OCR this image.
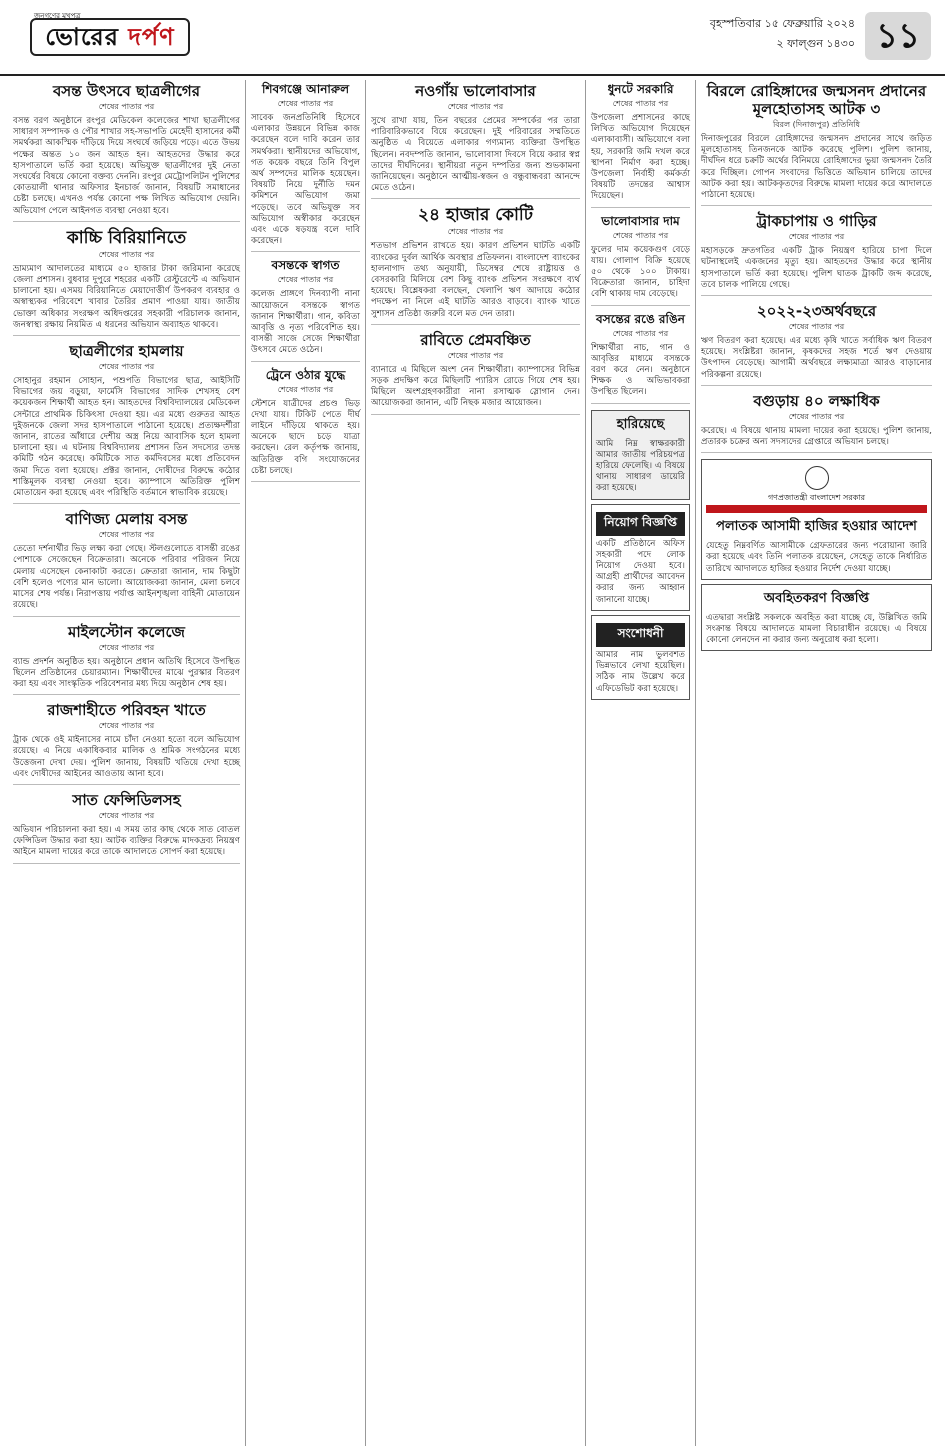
জনগণের মুখপত্র
ভোরের দর্পণ	বৃহস্পতিবার ১৫ ফেব্রুয়ারি ২০২৪
২ ফাল্গুন ১৪৩০ ১১
বসন্ত উৎসবে ছাত্রলীগের
শেষের পাতার পর
বসন্ত বরণ অনুষ্ঠানে রংপুর মেডিকেল কলেজের শাখা ছাত্রলীগের সাধারণ সম্পাদক ও পৌর শাখার সহ-সভাপতি মেহেদী হাসানের কর্মী সমর্থকরা আকস্মিক দাঁড়িয়ে দিয়ে সংঘর্ষে জড়িয়ে পড়ে। এতে উভয় পক্ষের অন্তত ১০ জন আহত হন। আহতদের উদ্ধার করে হাসপাতালে ভর্তি করা হয়েছে। অভিযুক্ত ছাত্রলীগের দুই নেতা সংঘর্ষের বিষয়ে কোনো বক্তব্য দেননি। রংপুর মেট্রোপলিটন পুলিশের কোতয়ালী থানার অফিসার ইনচার্জ জানান, বিষয়টি সমাধানের চেষ্টা চলছে। এখনও পর্যন্ত কোনো পক্ষ লিখিত অভিযোগ দেয়নি। অভিযোগ পেলে আইনগত ব্যবস্থা নেওয়া হবে।
কাচ্চি বিরিয়ানিতে
শেষের পাতার পর
ভ্রাম্যমাণ আদালতের মাধ্যমে ৫০ হাজার টাকা জরিমানা করেছে জেলা প্রশাসন। বুধবার দুপুরে শহরের একটি রেস্টুরেন্টে এ অভিযান চালানো হয়। এসময় বিরিয়ানিতে মেয়াদোত্তীর্ণ উপকরণ ব্যবহার ও অস্বাস্থ্যকর পরিবেশে খাবার তৈরির প্রমাণ পাওয়া যায়। জাতীয় ভোক্তা অধিকার সংরক্ষণ অধিদপ্তরের সহকারী পরিচালক জানান, জনস্বাস্থ্য রক্ষায় নিয়মিত এ ধরনের অভিযান অব্যাহত থাকবে।
ছাত্রলীগের হামলায়
শেষের পাতার পর
সোহানুর রহমান সোহান, পশুপতি বিভাগের ছাত্র, আইসিটি বিভাগের জয় বড়ুয়া, ফার্মেসি বিভাগের সাদিক শেখসহ বেশ কয়েকজন শিক্ষার্থী আহত হন। আহতদের বিশ্ববিদ্যালয়ের মেডিকেল সেন্টারে প্রাথমিক চিকিৎসা দেওয়া হয়। এর মধ্যে গুরুতর আহত দুইজনকে জেলা সদর হাসপাতালে পাঠানো হয়েছে। প্রত্যক্ষদর্শীরা জানান, রাতের আঁধারে দেশীয় অস্ত্র নিয়ে আবাসিক হলে হামলা চালানো হয়। এ ঘটনায় বিশ্ববিদ্যালয় প্রশাসন তিন সদস্যের তদন্ত কমিটি গঠন করেছে। কমিটিকে সাত কর্মদিবসের মধ্যে প্রতিবেদন জমা দিতে বলা হয়েছে। প্রক্টর জানান, দোষীদের বিরুদ্ধে কঠোর শাস্তিমূলক ব্যবস্থা নেওয়া হবে। ক্যাম্পাসে অতিরিক্ত পুলিশ মোতায়েন করা হয়েছে এবং পরিস্থিতি বর্তমানে স্বাভাবিক রয়েছে।
বাণিজ্য মেলায় বসন্ত
শেষের পাতার পর
তেতো দর্শনার্থীর ভিড় লক্ষ্য করা গেছে। স্টলগুলোতে বাসন্তী রঙের পোশাকে সেজেছেন বিক্রেতারা। অনেকে পরিবার পরিজন নিয়ে মেলায় এসেছেন কেনাকাটা করতে। ক্রেতারা জানান, দাম কিছুটা বেশি হলেও পণ্যের মান ভালো। আয়োজকরা জানান, মেলা চলবে মাসের শেষ পর্যন্ত। নিরাপত্তায় পর্যাপ্ত আইনশৃঙ্খলা বাহিনী মোতায়েন রয়েছে।
মাইলস্টোন কলেজে
শেষের পাতার পর
ব্যান্ড প্রদর্শন অনুষ্ঠিত হয়। অনুষ্ঠানে প্রধান অতিথি হিসেবে উপস্থিত ছিলেন প্রতিষ্ঠানের চেয়ারম্যান। শিক্ষার্থীদের মাঝে পুরস্কার বিতরণ করা হয় এবং সাংস্কৃতিক পরিবেশনার মধ্য দিয়ে অনুষ্ঠান শেষ হয়।
রাজশাহীতে পরিবহন খাতে
শেষের পাতার পর
ট্রাক থেকে ওই মাইনাসের নামে চাঁদা নেওয়া হতো বলে অভিযোগ রয়েছে। এ নিয়ে একাধিকবার মালিক ও শ্রমিক সংগঠনের মধ্যে উত্তেজনা দেখা দেয়। পুলিশ জানায়, বিষয়টি খতিয়ে দেখা হচ্ছে এবং দোষীদের আইনের আওতায় আনা হবে।
সাত ফেন্সিডিলসহ
শেষের পাতার পর
অভিযান পরিচালনা করা হয়। এ সময় তার কাছ থেকে সাত বোতল ফেন্সিডিল উদ্ধার করা হয়। আটক ব্যক্তির বিরুদ্ধে মাদকদ্রব্য নিয়ন্ত্রণ আইনে মামলা দায়ের করে তাকে আদালতে সোপর্দ করা হয়েছে।
শিবগঞ্জে আনারুল
শেষের পাতার পর
সাবেক জনপ্রতিনিধি হিসেবে এলাকার উন্নয়নে বিভিন্ন কাজ করেছেন বলে দাবি করেন তার সমর্থকরা। স্থানীয়দের অভিযোগ, গত কয়েক বছরে তিনি বিপুল অর্থ সম্পদের মালিক হয়েছেন। বিষয়টি নিয়ে দুর্নীতি দমন কমিশনে অভিযোগ জমা পড়েছে। তবে অভিযুক্ত সব অভিযোগ অস্বীকার করেছেন এবং একে ষড়যন্ত্র বলে দাবি করেছেন।
বসন্তকে স্বাগত
শেষের পাতার পর
কলেজ প্রাঙ্গণে দিনব্যাপী নানা আয়োজনে বসন্তকে স্বাগত জানান শিক্ষার্থীরা। গান, কবিতা আবৃত্তি ও নৃত্য পরিবেশিত হয়। বাসন্তী সাজে সেজে শিক্ষার্থীরা উৎসবে মেতে ওঠেন।
ট্রেনে ওঠার যুদ্ধে
শেষের পাতার পর
স্টেশনে যাত্রীদের প্রচণ্ড ভিড় দেখা যায়। টিকিট পেতে দীর্ঘ লাইনে দাঁড়িয়ে থাকতে হয়। অনেকে ছাদে চড়ে যাত্রা করছেন। রেল কর্তৃপক্ষ জানায়, অতিরিক্ত বগি সংযোজনের চেষ্টা চলছে।
নওগাঁয় ভালোবাসার
শেষের পাতার পর
সুখে রাখা যায়, তিন বছরের প্রেমের সম্পর্কের পর তারা পারিবারিকভাবে বিয়ে করেছেন। দুই পরিবারের সম্মতিতে অনুষ্ঠিত এ বিয়েতে এলাকার গণ্যমান্য ব্যক্তিরা উপস্থিত ছিলেন। নবদম্পতি জানান, ভালোবাসা দিবসে বিয়ে করার স্বপ্ন তাদের দীর্ঘদিনের। স্থানীয়রা নতুন দম্পতির জন্য শুভকামনা জানিয়েছেন। অনুষ্ঠানে আত্মীয়-স্বজন ও বন্ধুবান্ধবরা আনন্দে মেতে ওঠেন।
২৪ হাজার কোটি
শেষের পাতার পর
শতভাগ প্রভিশন রাখতে হয়। কারণ প্রভিশন ঘাটতি একটি ব্যাংকের দুর্বল আর্থিক অবস্থার প্রতিফলন। বাংলাদেশ ব্যাংকের হালনাগাদ তথ্য অনুযায়ী, ডিসেম্বর শেষে রাষ্ট্রায়ত্ত ও বেসরকারি মিলিয়ে বেশ কিছু ব্যাংক প্রভিশন সংরক্ষণে ব্যর্থ হয়েছে। বিশ্লেষকরা বলছেন, খেলাপি ঋণ আদায়ে কঠোর পদক্ষেপ না নিলে এই ঘাটতি আরও বাড়বে। ব্যাংক খাতে সুশাসন প্রতিষ্ঠা জরুরি বলে মত দেন তারা।
রাবিতে প্রেমবঞ্চিত
শেষের পাতার পর
ব্যানারে এ মিছিলে অংশ নেন শিক্ষার্থীরা। ক্যাম্পাসের বিভিন্ন সড়ক প্রদক্ষিণ করে মিছিলটি প্যারিস রোডে গিয়ে শেষ হয়। মিছিলে অংশগ্রহণকারীরা নানা রসাত্মক স্লোগান দেন। আয়োজকরা জানান, এটি নিছক মজার আয়োজন।
ধুনটে সরকারি
শেষের পাতার পর
উপজেলা প্রশাসনের কাছে লিখিত অভিযোগ দিয়েছেন এলাকাবাসী। অভিযোগে বলা হয়, সরকারি জমি দখল করে স্থাপনা নির্মাণ করা হচ্ছে। উপজেলা নির্বাহী কর্মকর্তা বিষয়টি তদন্তের আশ্বাস দিয়েছেন।
ভালোবাসার দাম
শেষের পাতার পর
ফুলের দাম কয়েকগুণ বেড়ে যায়। গোলাপ বিক্রি হয়েছে ৫০ থেকে ১০০ টাকায়। বিক্রেতারা জানান, চাহিদা বেশি থাকায় দাম বেড়েছে।
বসন্তের রঙে রঙিন
শেষের পাতার পর
শিক্ষার্থীরা নাচ, গান ও আবৃত্তির মাধ্যমে বসন্তকে বরণ করে নেন। অনুষ্ঠানে শিক্ষক ও অভিভাবকরা উপস্থিত ছিলেন।
হারিয়েছে
আমি নিম্ন স্বাক্ষরকারী আমার জাতীয় পরিচয়পত্র হারিয়ে ফেলেছি। এ বিষয়ে থানায় সাধারণ ডায়েরি করা হয়েছে।
নিয়োগ বিজ্ঞপ্তি
একটি প্রতিষ্ঠানে অফিস সহকারী পদে লোক নিয়োগ দেওয়া হবে। আগ্রহী প্রার্থীদের আবেদন করার জন্য আহ্বান জানানো যাচ্ছে।
সংশোধনী
আমার নাম ভুলবশত ভিন্নভাবে লেখা হয়েছিল। সঠিক নাম উল্লেখ করে এফিডেভিট করা হয়েছে।
বিরলে রোহিঙ্গাদের জন্মসনদ প্রদানের মূলহোতাসহ আটক ৩
বিরল (দিনাজপুর) প্রতিনিধি
দিনাজপুরের বিরলে রোহিঙ্গাদের জন্মসনদ প্রদানের সাথে জড়িত মূলহোতাসহ তিনজনকে আটক করেছে পুলিশ। পুলিশ জানায়, দীর্ঘদিন ধরে চক্রটি অর্থের বিনিময়ে রোহিঙ্গাদের ভুয়া জন্মসনদ তৈরি করে দিচ্ছিল। গোপন সংবাদের ভিত্তিতে অভিযান চালিয়ে তাদের আটক করা হয়। আটককৃতদের বিরুদ্ধে মামলা দায়ের করে আদালতে পাঠানো হয়েছে।
ট্রাকচাপায় ও গাড়ির
শেষের পাতার পর
মহাসড়কে দ্রুতগতির একটি ট্রাক নিয়ন্ত্রণ হারিয়ে চাপা দিলে ঘটনাস্থলেই একজনের মৃত্যু হয়। আহতদের উদ্ধার করে স্থানীয় হাসপাতালে ভর্তি করা হয়েছে। পুলিশ ঘাতক ট্রাকটি জব্দ করেছে, তবে চালক পালিয়ে গেছে।
২০২২-২৩অর্থবছরে
শেষের পাতার পর
ঋণ বিতরণ করা হয়েছে। এর মধ্যে কৃষি খাতে সর্বাধিক ঋণ বিতরণ হয়েছে। সংশ্লিষ্টরা জানান, কৃষকদের সহজ শর্তে ঋণ দেওয়ায় উৎপাদন বেড়েছে। আগামী অর্থবছরে লক্ষ্যমাত্রা আরও বাড়ানোর পরিকল্পনা রয়েছে।
বগুড়ায় ৪০ লক্ষাধিক
শেষের পাতার পর
করেছে। এ বিষয়ে থানায় মামলা দায়ের করা হয়েছে। পুলিশ জানায়, প্রতারক চক্রের অন্য সদস্যদের গ্রেপ্তারে অভিযান চলছে।
গণপ্রজাতন্ত্রী বাংলাদেশ সরকার
পলাতক আসামী হাজির হওয়ার আদেশ
যেহেতু নিম্নবর্ণিত আসামীকে গ্রেফতারের জন্য পরোয়ানা জারি করা হয়েছে এবং তিনি পলাতক রয়েছেন, সেহেতু তাকে নির্ধারিত তারিখে আদালতে হাজির হওয়ার নির্দেশ দেওয়া যাচ্ছে।
অবহিতকরণ বিজ্ঞপ্তি
এতদ্বারা সংশ্লিষ্ট সকলকে অবহিত করা যাচ্ছে যে, উল্লিখিত জমি সংক্রান্ত বিষয়ে আদালতে মামলা বিচারাধীন রয়েছে। এ বিষয়ে কোনো লেনদেন না করার জন্য অনুরোধ করা হলো।
